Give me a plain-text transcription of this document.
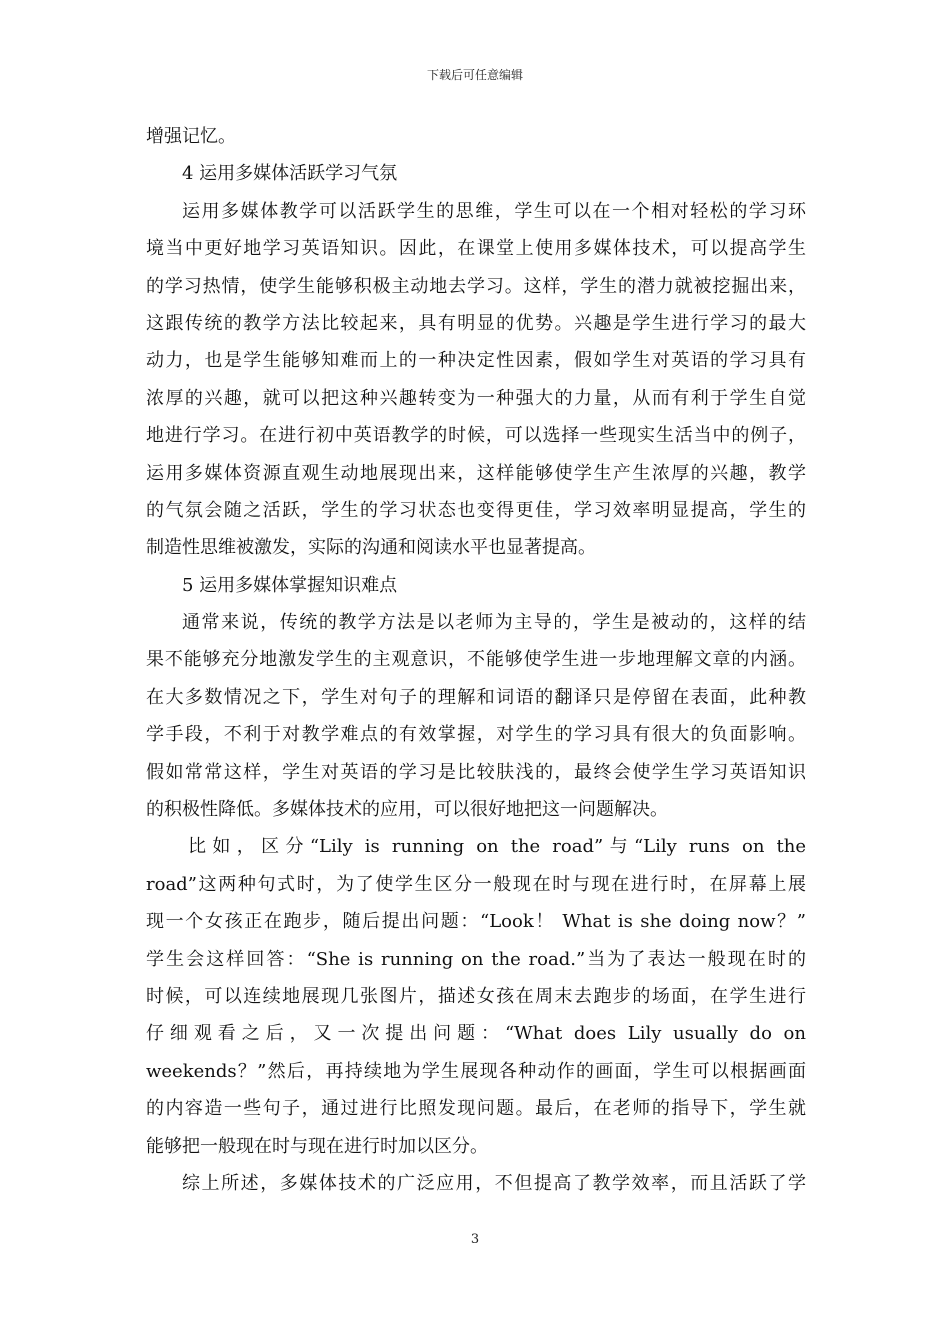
下载后可任意编辑
增强记忆。
4 运用多媒体活跃学习气氛
运用多媒体教学可以活跃学生的思维，学生可以在一个相对轻松的学习环
境当中更好地学习英语知识。因此，在课堂上使用多媒体技术，可以提高学生
的学习热情，使学生能够积极主动地去学习。这样，学生的潜力就被挖掘出来，
这跟传统的教学方法比较起来，具有明显的优势。兴趣是学生进行学习的最大
动力，也是学生能够知难而上的一种决定性因素，假如学生对英语的学习具有
浓厚的兴趣，就可以把这种兴趣转变为一种强大的力量，从而有利于学生自觉
地进行学习。在进行初中英语教学的时候，可以选择一些现实生活当中的例子，
运用多媒体资源直观生动地展现出来，这样能够使学生产生浓厚的兴趣，教学
的气氛会随之活跃，学生的学习状态也变得更佳，学习效率明显提高，学生的
制造性思维被激发，实际的沟通和阅读水平也显著提高。
5 运用多媒体掌握知识难点
通常来说，传统的教学方法是以老师为主导的，学生是被动的，这样的结
果不能够充分地激发学生的主观意识，不能够使学生进一步地理解文章的内涵。
在大多数情况之下，学生对句子的理解和词语的翻译只是停留在表面，此种教
学手段，不利于对教学难点的有效掌握，对学生的学习具有很大的负面影响。
假如常常这样，学生对英语的学习是比较肤浅的，最终会使学生学习英语知识
的积极性降低。多媒体技术的应用，可以很好地把这一问题解决。
比如，区分“Lily is running on the road”与“Lily runs on the
road”这两种句式时，为了使学生区分一般现在时与现在进行时，在屏幕上展
现一个女孩正在跑步，随后提出问题：“Look！ What is she doing now？”
学生会这样回答：“She is running on the road.”当为了表达一般现在时的
时候，可以连续地展现几张图片，描述女孩在周末去跑步的场面，在学生进行
仔细观看之后，又一次提出问题：“What does Lily usually do on
weekends？”然后，再持续地为学生展现各种动作的画面，学生可以根据画面
的内容造一些句子，通过进行比照发现问题。最后，在老师的指导下，学生就
能够把一般现在时与现在进行时加以区分。
综上所述，多媒体技术的广泛应用，不但提高了教学效率，而且活跃了学
3
